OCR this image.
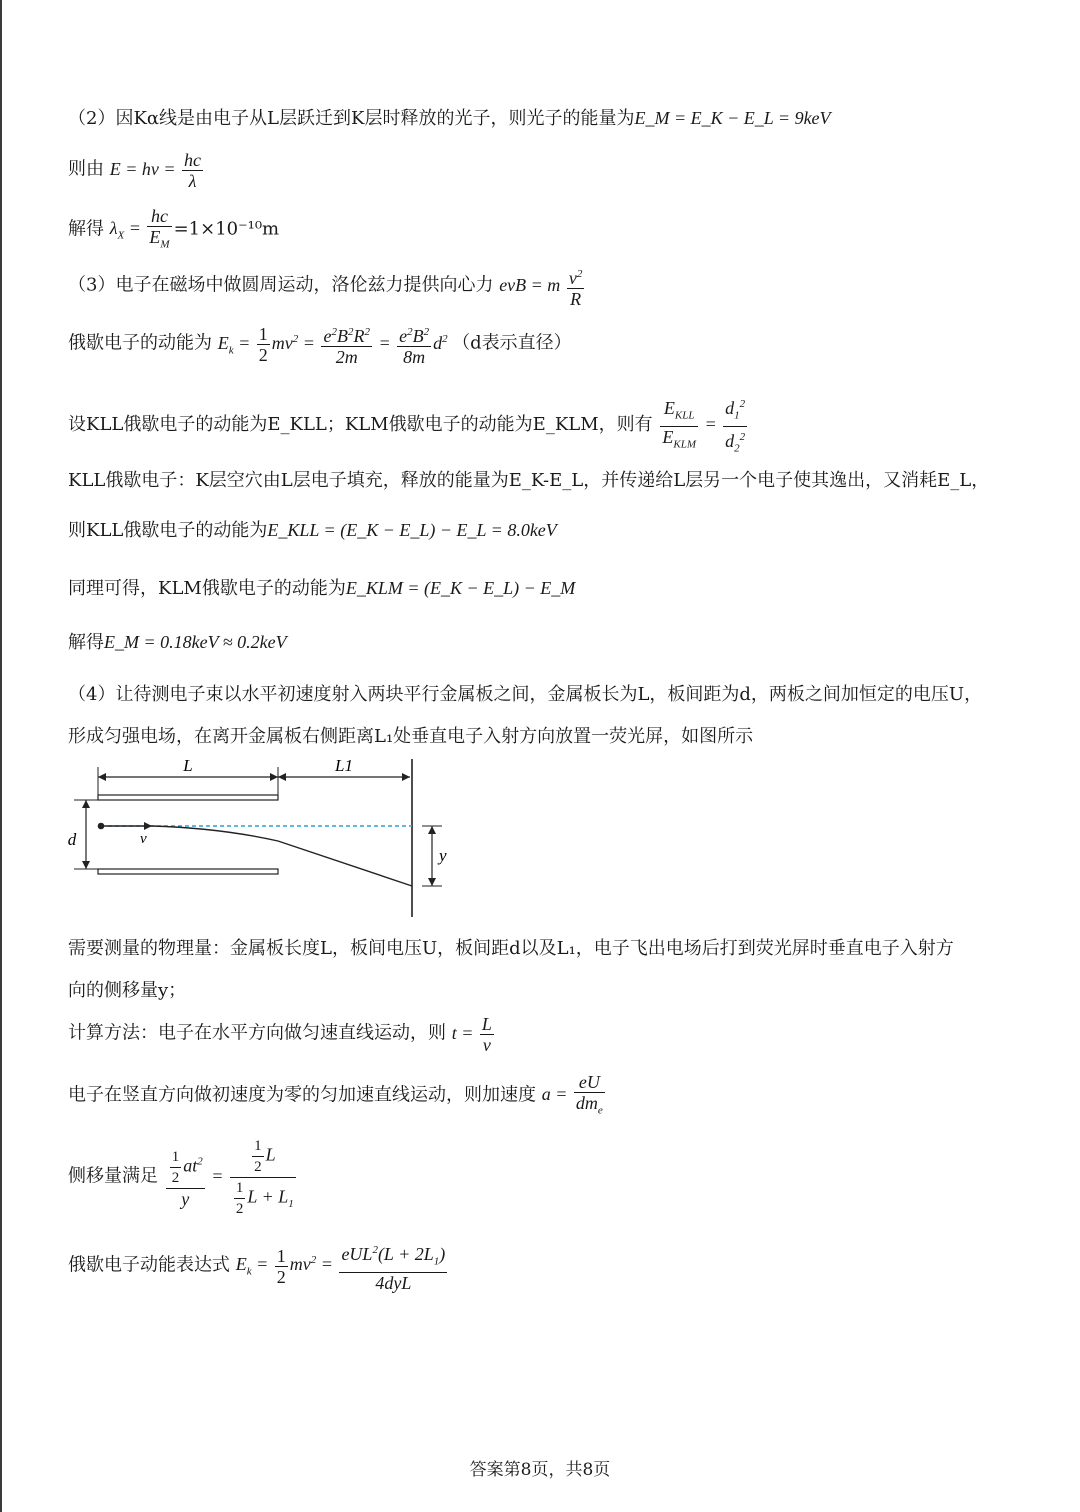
（2）因Kα线是由电子从L层跃迁到K层时释放的光子，则光子的能量为E_M = E_K − E_L = 9keV
则由 $E = h\nu = \frac{hc}{\lambda}$
解得 $\lambda_X = \frac{hc}{E_M} =1\times 10^{-10}m$
（3）电子在磁场中做圆周运动，洛伦兹力提供向心力 evB = m $\frac{v^2}{R}$
俄歇电子的动能为 $E_k = \frac{1}{2} mv^2 = \frac{e^2B^2R^2}{2m} = \frac{e^2B^2}{8m} d^2$ （d表示直径）
设KLL俄歇电子的动能为E_KLL；KLM俄歇电子的动能为E_KLM，则有 $\frac{E_{KLL}}{E_{KLM}} = \frac{d_1^2}{d_2^2}$
KLL俄歇电子：K层空穴由L层电子填充，释放的能量为E_K-E_L，并传递给L层另一个电子使其逸出，又消耗E_L，
则KLL俄歇电子的动能为E_KLL = (E_K − E_L) − E_L = 8.0keV
同理可得，KLM俄歇电子的动能为E_KLM = (E_K − E_L) − E_M
解得E_M = 0.18keV ≈ 0.2keV
（4）让待测电子束以水平初速度射入两块平行金属板之间，金属板长为L，板间距为d，两板之间加恒定的电压U，
形成匀强电场，在离开金属板右侧距离L₁处垂直电子入射方向放置一荧光屏，如图所示
L	L1
d	v
y
需要测量的物理量：金属板长度L，板间电压U，板间距d以及L₁，电子飞出电场后打到荧光屏时垂直电子入射方
向的侧移量y；
计算方法：电子在水平方向做匀速直线运动，则 $t = \frac{L}{v}$
电子在竖直方向做初速度为零的匀加速直线运动，则加速度 $a = \frac{eU}{dm_e}$
侧移量满足 $\frac{\frac{1}{2} at^2}{y} = \frac{\frac{1}{2} L}{\frac{1}{2} L + L_1}$
俄歇电子动能表达式 $E_k = \frac{1}{2} mv^2 = \frac{eUL^2(L + 2L_1)}{\text{4dyL}}$
答案第8页，共8页
